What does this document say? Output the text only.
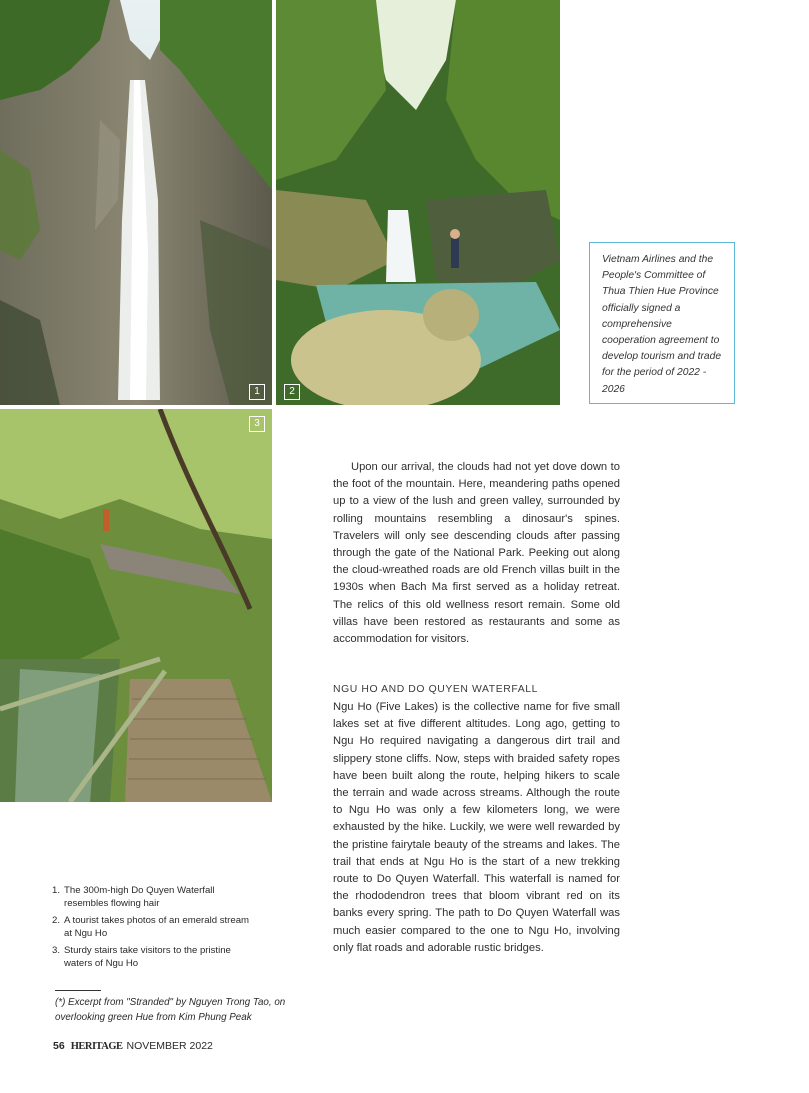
1	2
3
Vietnam Airlines and the People's Committee of Thua Thien Hue Province officially signed a comprehensive cooperation agreement to develop tourism and trade for the period of 2022 - 2026

Upon our arrival, the clouds had not yet dove down to the foot of the mountain. Here, meandering paths opened up to a view of the lush and green valley, surrounded by rolling mountains resembling a dinosaur's spines. Travelers will only see descending clouds after passing through the gate of the National Park. Peeking out along the cloud-wreathed roads are old French villas built in the 1930s when Bach Ma first served as a holiday retreat. The relics of this old wellness resort remain. Some old villas have been restored as restaurants and some as accommodation for visitors.

NGU HO AND DO QUYEN WATERFALL

Ngu Ho (Five Lakes) is the collective name for five small lakes set at five different altitudes. Long ago, getting to Ngu Ho required navigating a dangerous dirt trail and slippery stone cliffs. Now, steps with braided safety ropes have been built along the route, helping hikers to scale the terrain and wade across streams. Although the route to Ngu Ho was only a few kilometers long, we were exhausted by the hike. Luckily, we were well rewarded by the pristine fairytale beauty of the streams and lakes. The trail that ends at Ngu Ho is the start of a new trekking route to Do Quyen Waterfall. This waterfall is named for the rhododendron trees that bloom vibrant red on its banks every spring. The path to Do Quyen Waterfall was much easier compared to the one to Ngu Ho, involving only flat roads and adorable rustic bridges.

1. The 300m-high Do Quyen Waterfall resembles flowing hair
2. A tourist takes photos of an emerald stream at Ngu Ho
3. Sturdy stairs take visitors to the pristine waters of Ngu Ho
(*) Excerpt from "Stranded" by Nguyen Trong Tao, on overlooking green Hue from Kim Phung Peak
56 HERITAGE NOVEMBER 2022
